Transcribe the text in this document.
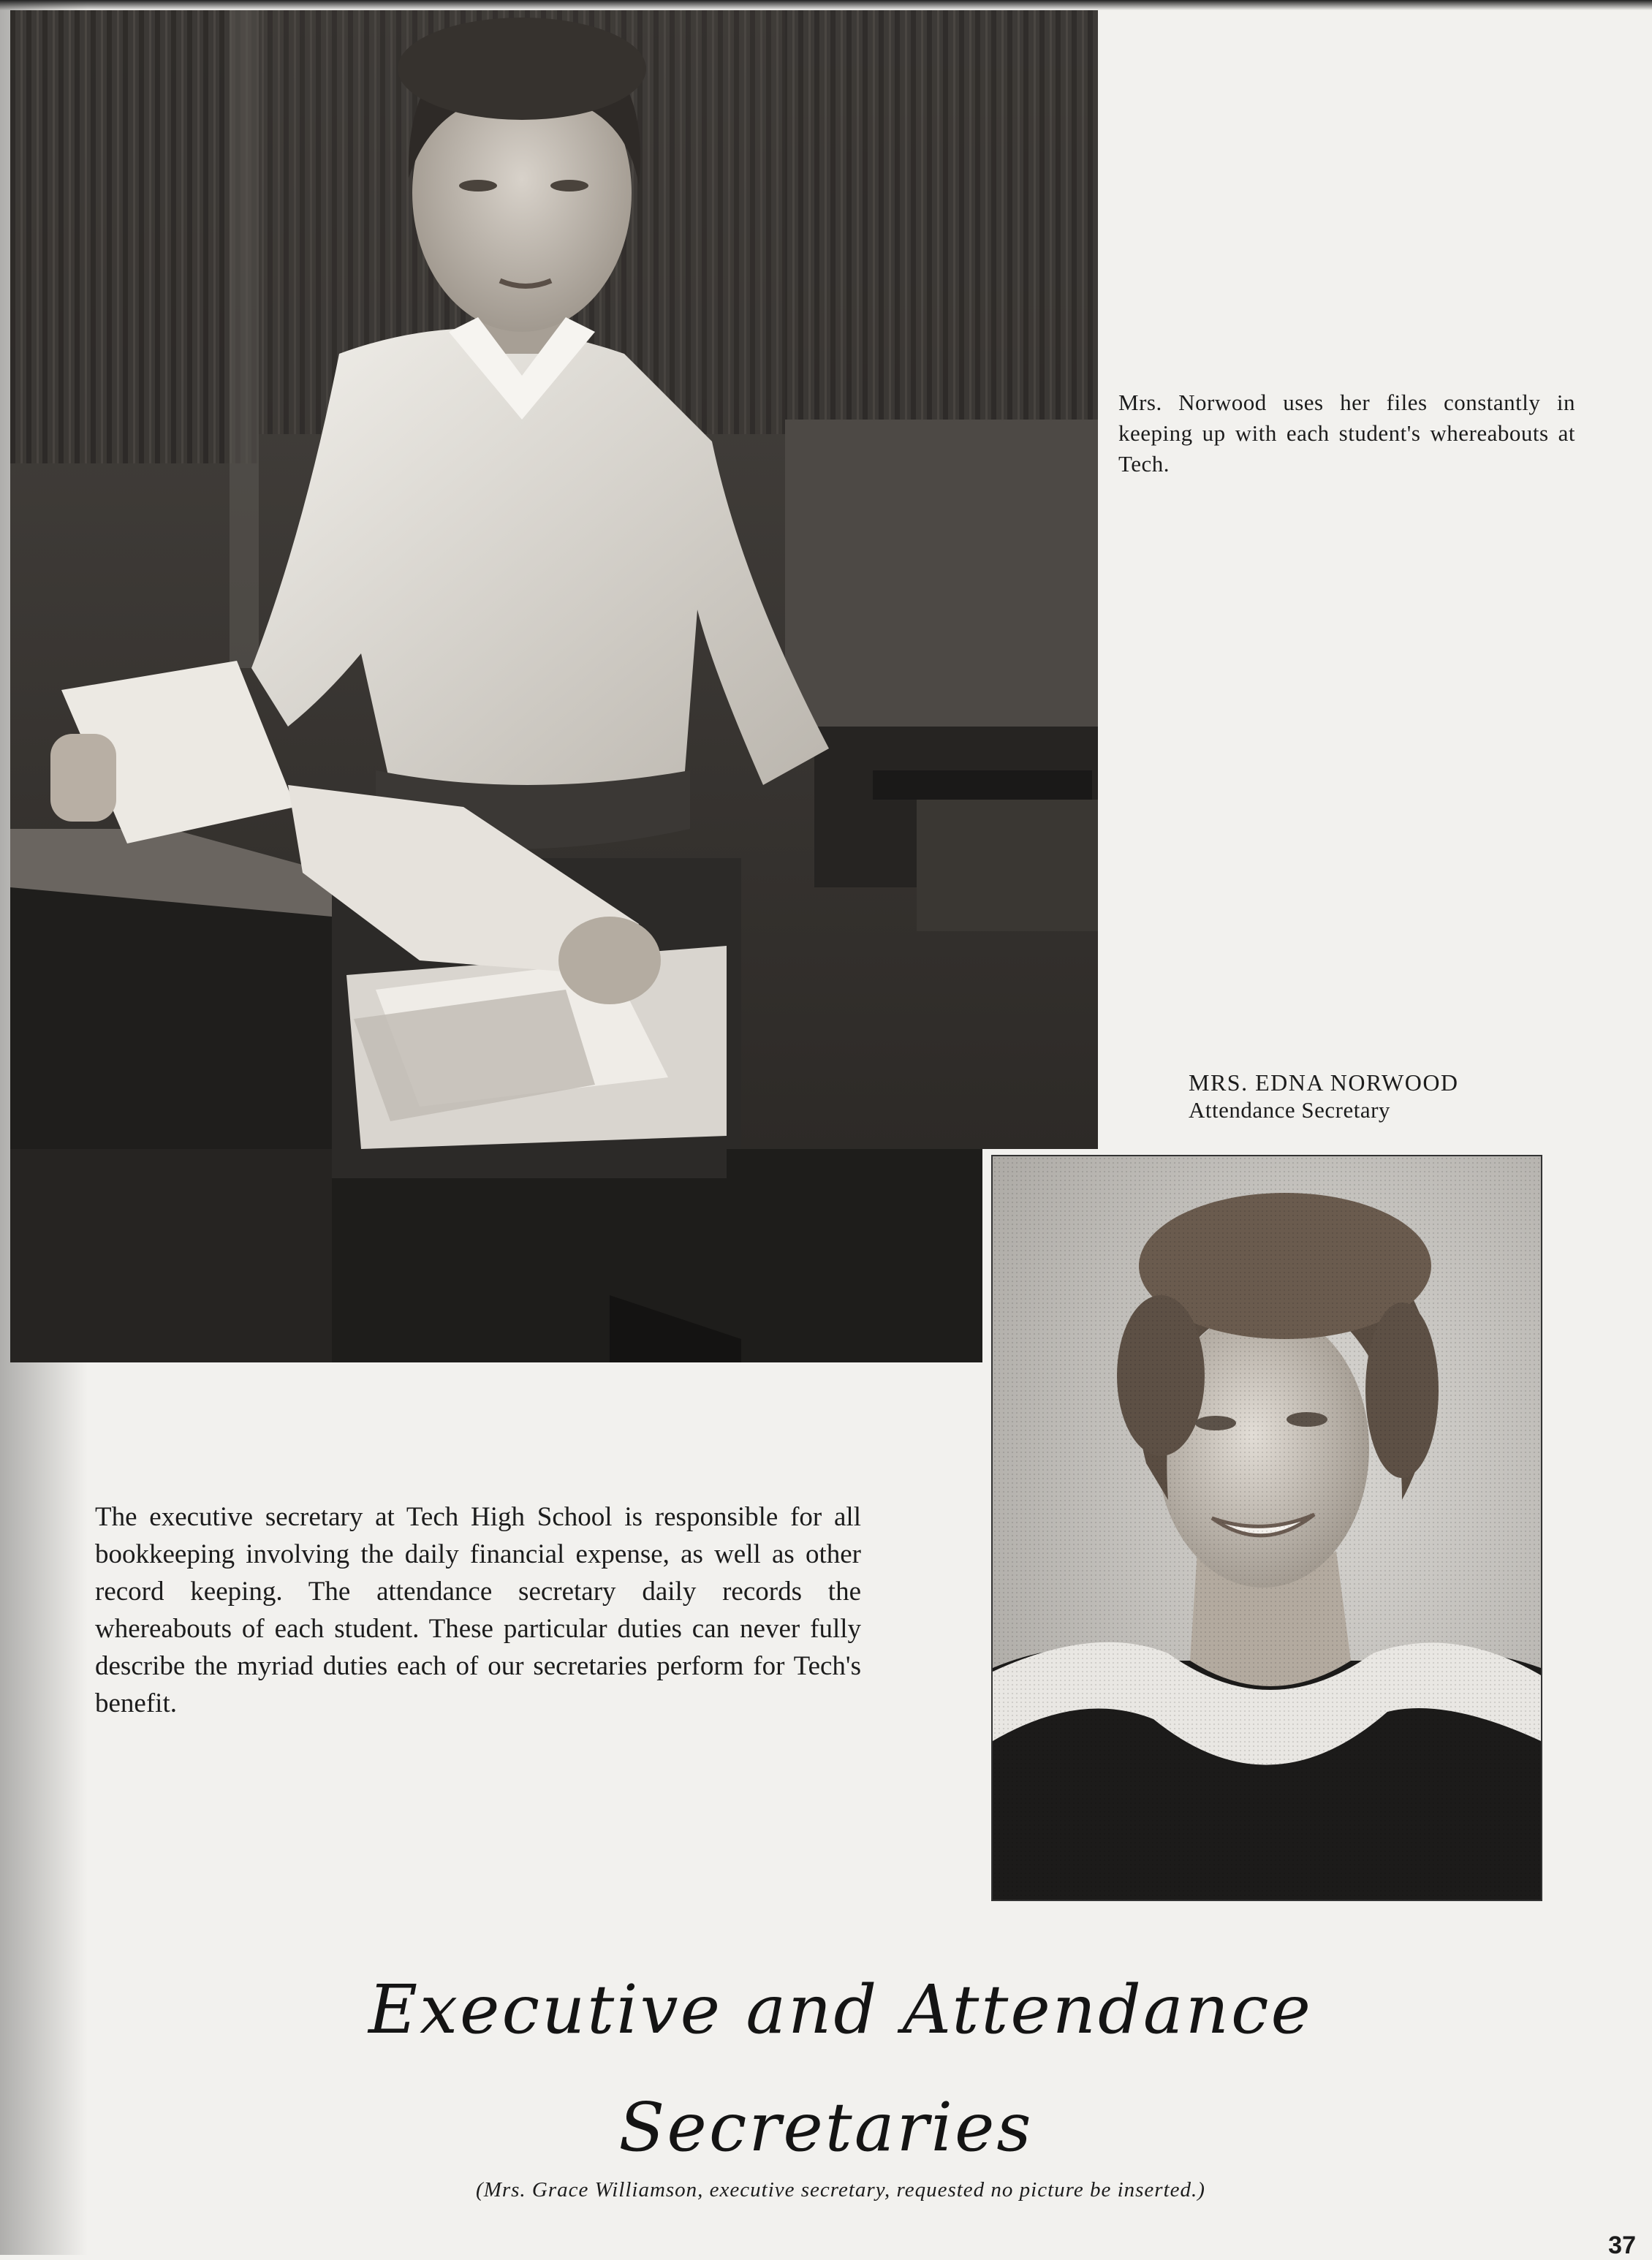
Mrs. Norwood uses her files constantly in keeping up with each student's whereabouts at Tech.
MRS. EDNA NORWOOD
Attendance Secretary
The executive secretary at Tech High School is responsible for all bookkeeping involving the daily financial expense, as well as other record keeping. The attendance secretary daily records the whereabouts of each student. These particular duties can never fully describe the myriad duties each of our secretaries perform for Tech's benefit.
Executive and Attendance
Secretaries
(Mrs. Grace Williamson, executive secretary, requested no picture be inserted.)
37
